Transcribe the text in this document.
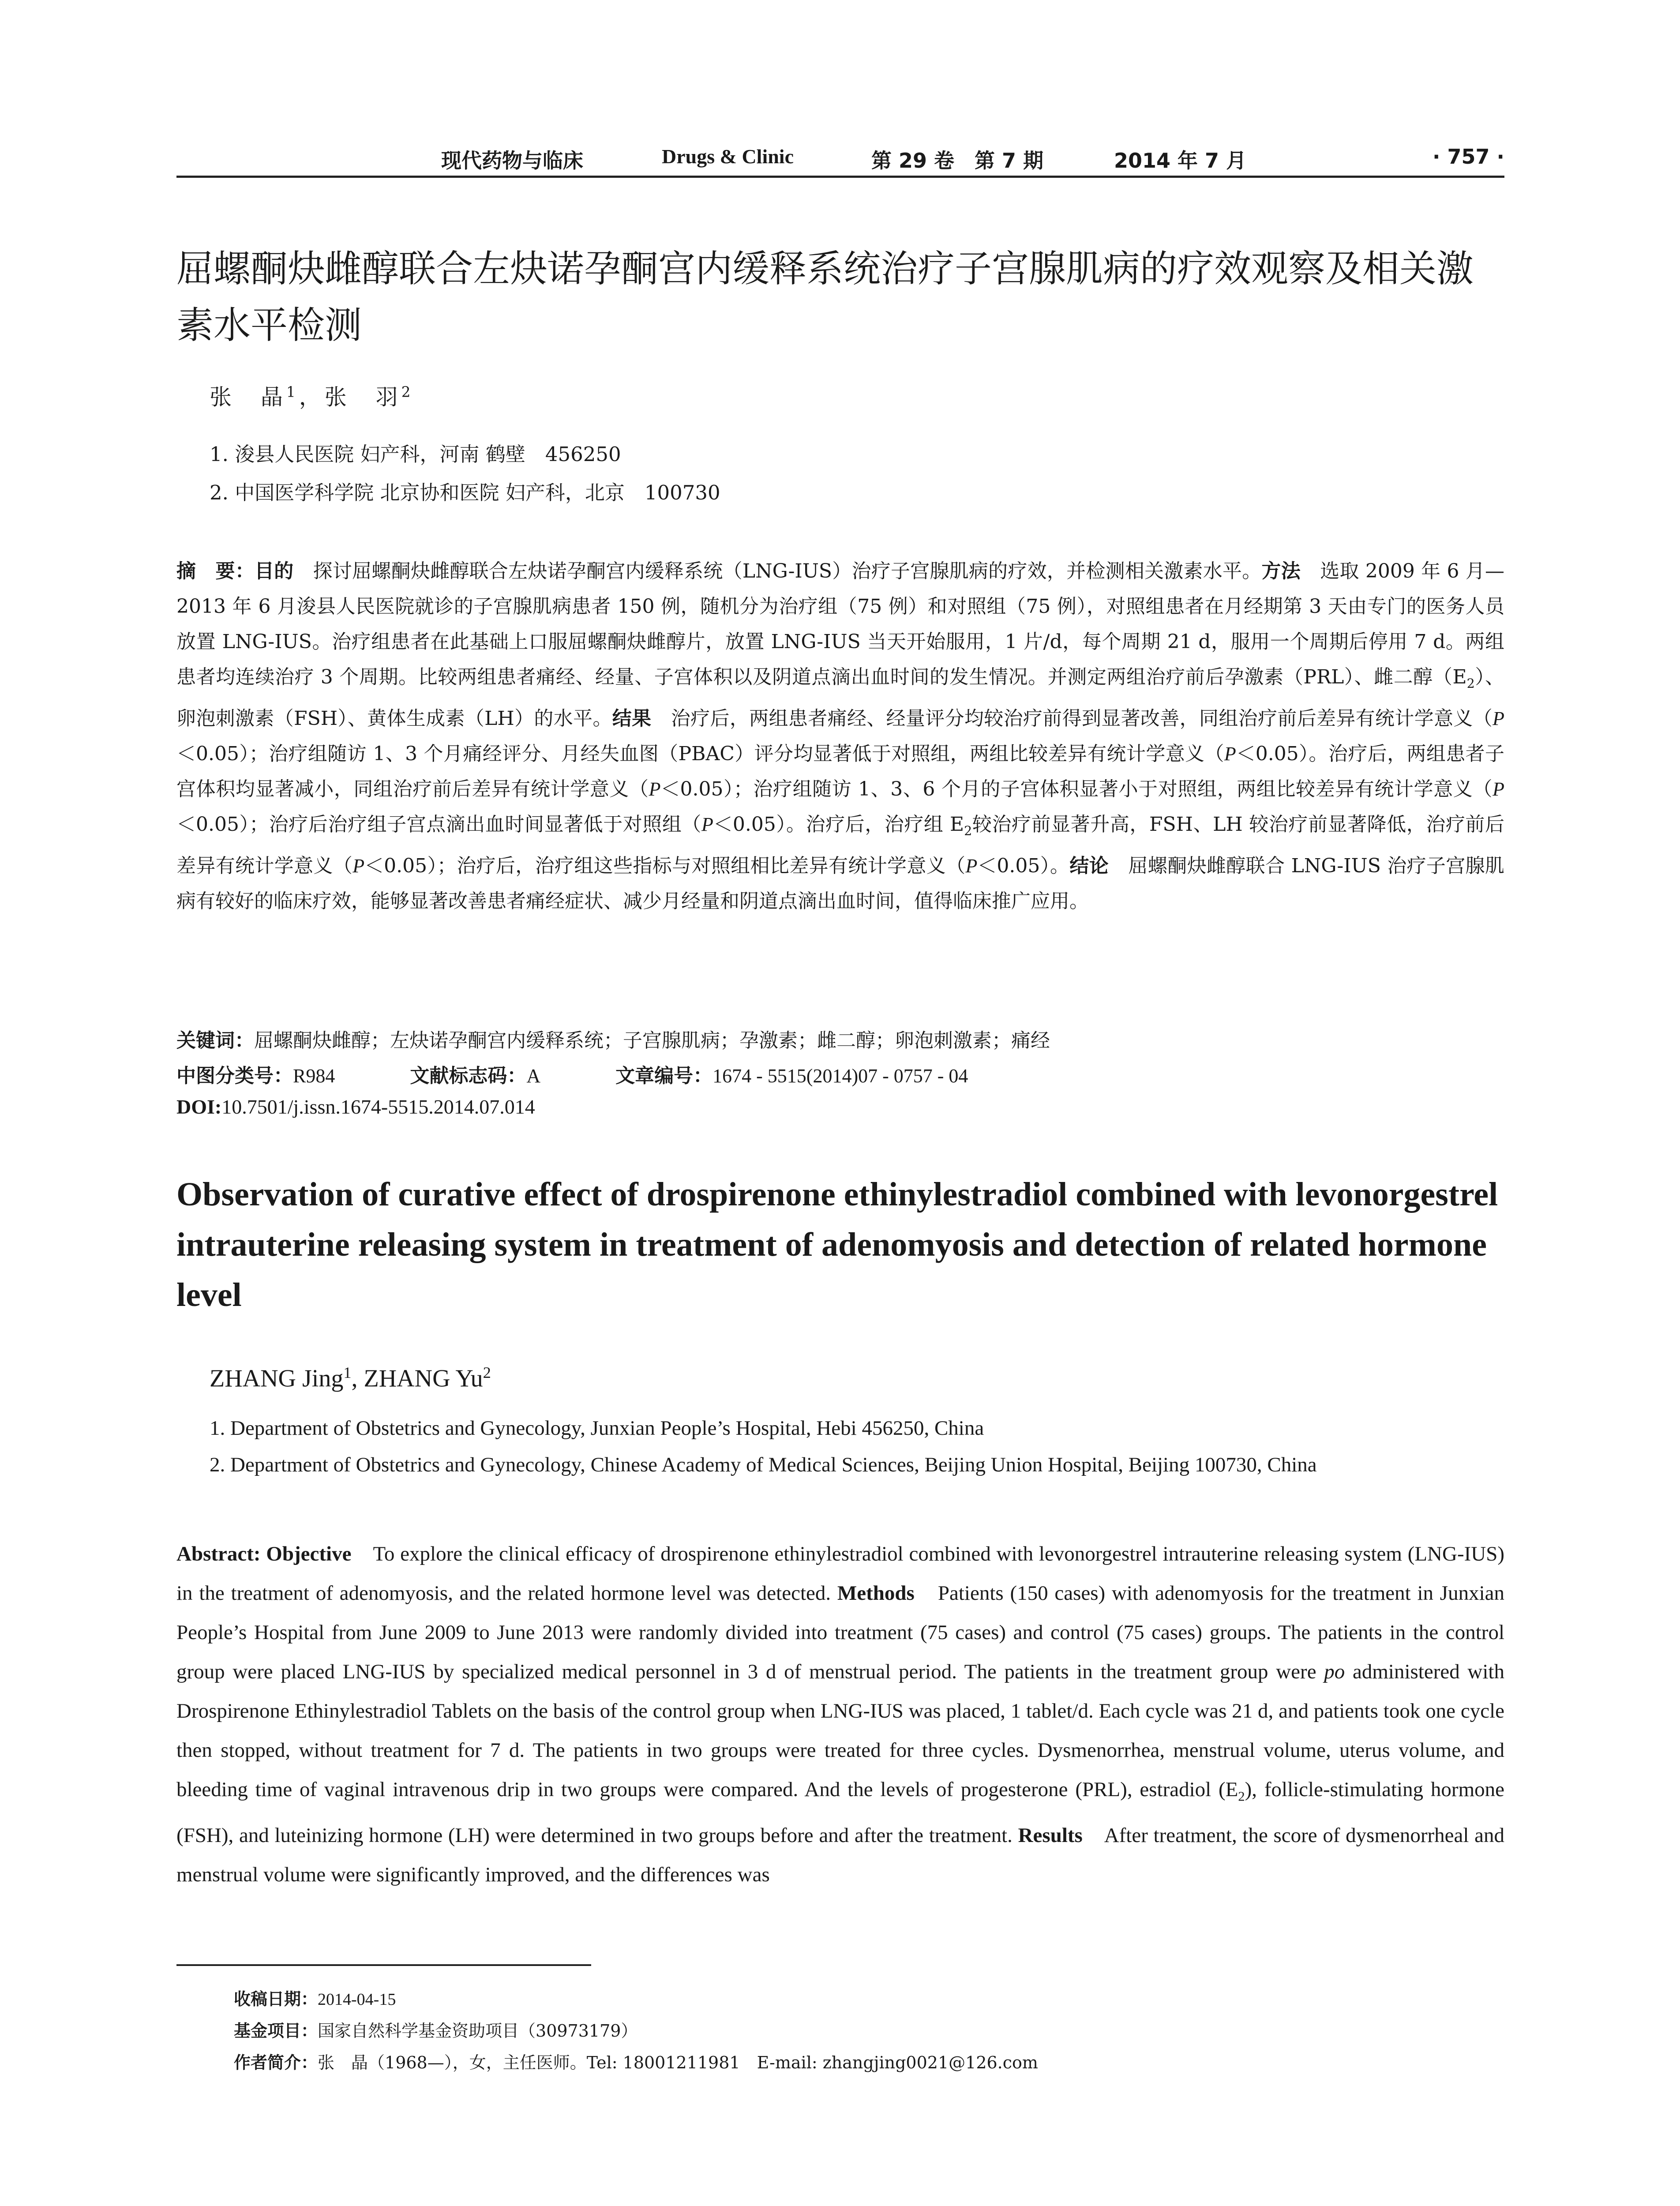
现代药物与临床	Drugs & Clinic	第 29 卷　第 7 期	2014 年 7 月	· 757 ·
屈螺酮炔雌醇联合左炔诺孕酮宫内缓释系统治疗子宫腺肌病的疗效观察及相关激素水平检测
张　晶$^1$，张　羽$^2$
1. 浚县人民医院 妇产科，河南 鹤壁　456250
2. 中国医学科学院 北京协和医院 妇产科，北京　100730

摘　要：目的　探讨屈螺酮炔雌醇联合左炔诺孕酮宫内缓释系统（LNG-IUS）治疗子宫腺肌病的疗效，并检测相关激素水平。方法　选取 2009 年 6 月—2013 年 6 月浚县人民医院就诊的子宫腺肌病患者 150 例，随机分为治疗组（75 例）和对照组（75 例），对照组患者在月经期第 3 天由专门的医务人员放置 LNG-IUS。治疗组患者在此基础上口服屈螺酮炔雌醇片，放置 LNG-IUS 当天开始服用，1 片/d，每个周期 21 d，服用一个周期后停用 7 d。两组患者均连续治疗 3 个周期。比较两组患者痛经、经量、子宫体积以及阴道点滴出血时间的发生情况。并测定两组治疗前后孕激素（PRL）、雌二醇$(E_2)$、卵泡刺激素（FSH）、黄体生成素（LH）的水平。结果　治疗后，两组患者痛经、经量评分均较治疗前得到显著改善，同组治疗前后差异有统计学意义（P＜0.05）；治疗组随访 1、3 个月痛经评分、月经失血图（PBAC）评分均显著低于对照组，两组比较差异有统计学意义（P＜0.05）。治疗后，两组患者子宫体积均显著减小，同组治疗前后差异有统计学意义（P＜0.05）；治疗组随访 1、3、6 个月的子宫体积显著小于对照组，两组比较差异有统计学意义（P＜0.05）；治疗后治疗组子宫点滴出血时间显著低于对照组（P＜0.05）。治疗后，治疗组 $E_2$较治疗前显著升高，FSH、LH 较治疗前显著降低，治疗前后差异有统计学意义（P＜0.05）；治疗后，治疗组这些指标与对照组相比差异有统计学意义（P＜0.05）。结论　屈螺酮炔雌醇联合 LNG-IUS 治疗子宫腺肌病有较好的临床疗效，能够显著改善患者痛经症状、减少月经量和阴道点滴出血时间，值得临床推广应用。

关键词：屈螺酮炔雌醇；左炔诺孕酮宫内缓释系统；子宫腺肌病；孕激素；雌二醇；卵泡刺激素；痛经
中图分类号：R984	文献标志码：A	文章编号：1674 - 5515(2014)07 - 0757 - 04
DOI:10.7501/j.issn.1674-5515.2014.07.014
Observation of curative effect of drospirenone ethinylestradiol combined with levonorgestrel intrauterine releasing system in treatment of adenomyosis and detection of related hormone level
ZHANG Jing$^1$, ZHANG Yu$^2$
1. Department of Obstetrics and Gynecology, Junxian People’s Hospital, Hebi 456250, China
2. Department of Obstetrics and Gynecology, Chinese Academy of Medical Sciences, Beijing Union Hospital, Beijing 100730, China

Abstract: Objective　To explore the clinical efficacy of drospirenone ethinylestradiol combined with levonorgestrel intrauterine releasing system (LNG-IUS) in the treatment of adenomyosis, and the related hormone level was detected. Methods　Patients (150 cases) with adenomyosis for the treatment in Junxian People’s Hospital from June 2009 to June 2013 were randomly divided into treatment (75 cases) and control (75 cases) groups. The patients in the control group were placed LNG-IUS by specialized medical personnel in 3 d of menstrual period. The patients in the treatment group were po administered with Drospirenone Ethinylestradiol Tablets on the basis of the control group when LNG-IUS was placed, 1 tablet/d. Each cycle was 21 d, and patients took one cycle then stopped, without treatment for 7 d. The patients in two groups were treated for three cycles. Dysmenorrhea, menstrual volume, uterus volume, and bleeding time of vaginal intravenous drip in two groups were compared. And the levels of progesterone (PRL), estradiol $(E_2)$, follicle-stimulating hormone (FSH), and luteinizing hormone (LH) were determined in two groups before and after the treatment. Results　After treatment, the score of dysmenorrheal and menstrual volume were significantly improved, and the differences was

收稿日期：2014-04-15
基金项目：国家自然科学基金资助项目（30973179）
作者简介：张　晶（1968—），女，主任医师。Tel: 18001211981　E-mail: zhangjing0021@126.com
